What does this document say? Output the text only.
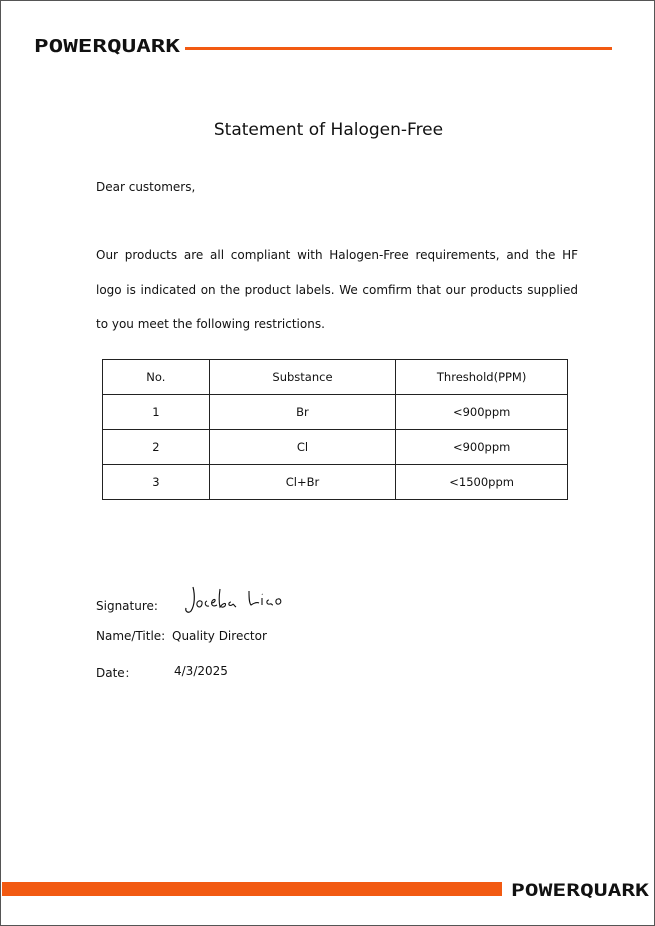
POWERQUARK
Statement of Halogen-Free
Dear customers,
Our products are all compliant with Halogen-Free requirements, and the HF logo is indicated on the product labels. We comfirm that our products supplied to you meet the following restrictions.
No.	Substance	Threshold(PPM)
1	Br	<900ppm
2	Cl	<900ppm
3	Cl+Br	<1500ppm
Signature:
Joseba Liao
Name/Title: Quality Director
Date：	4/3/2025
POWERQUARK
